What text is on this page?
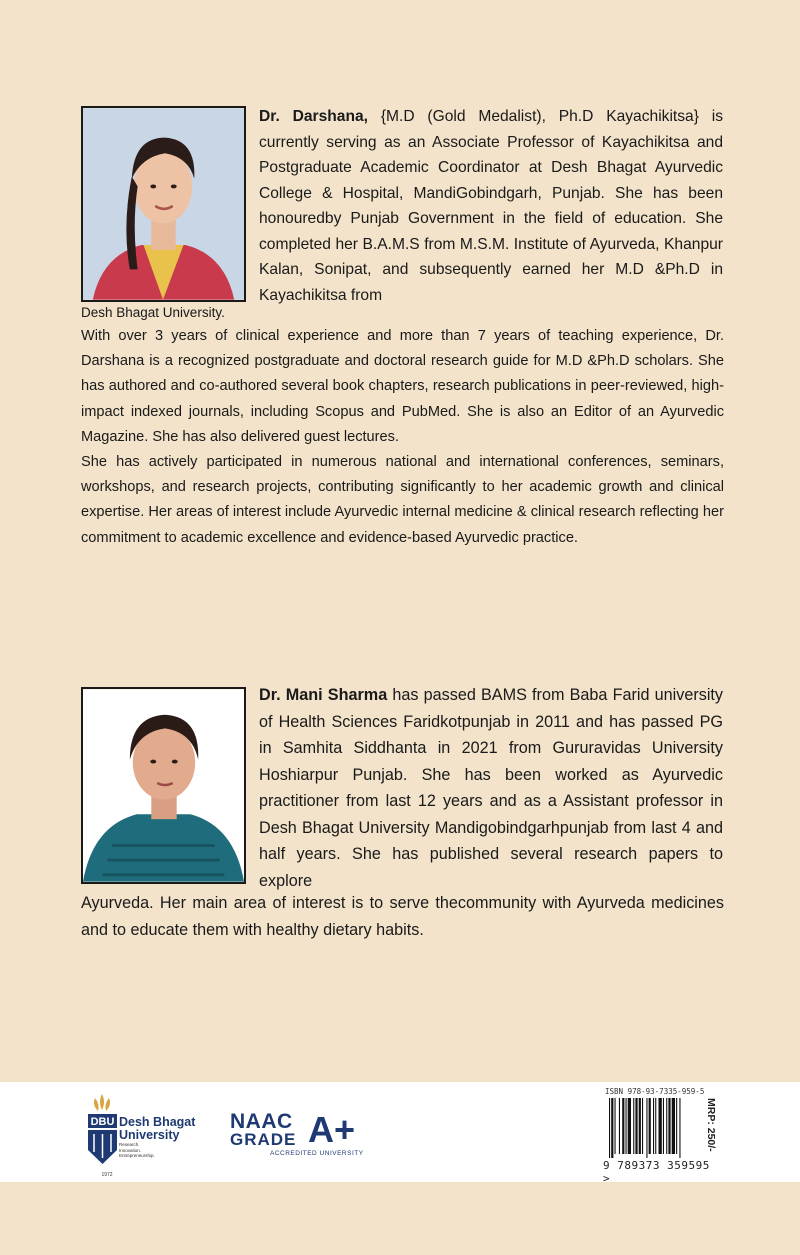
Dr. Darshana, {M.D (Gold Medalist), Ph.D Kayachikitsa} is currently serving as an Associate Professor of Kayachikitsa and Postgraduate Academic Coordinator at Desh Bhagat Ayurvedic College & Hospital, MandiGobindgarh, Punjab. She has been honouredby Punjab Government in the field of education. She completed her B.A.M.S from M.S.M. Institute of Ayurveda, Khanpur Kalan, Sonipat, and subsequently earned her M.D &Ph.D in Kayachikitsa from
Desh Bhagat University.

With over 3 years of clinical experience and more than 7 years of teaching experience, Dr. Darshana is a recognized postgraduate and doctoral research guide for M.D &Ph.D scholars. She has authored and co-authored several book chapters, research publications in peer-reviewed, high-impact indexed journals, including Scopus and PubMed. She is also an Editor of an Ayurvedic Magazine. She has also delivered guest lectures.

She has actively participated in numerous national and international conferences, seminars, workshops, and research projects, contributing significantly to her academic growth and clinical expertise. Her areas of interest include Ayurvedic internal medicine & clinical research reflecting her commitment to academic excellence and evidence-based Ayurvedic practice.

Dr. Mani Sharma has passed BAMS from Baba Farid university of Health Sciences Faridkotpunjab in 2011 and has passed PG in Samhita Siddhanta in 2021 from Gururavidas University Hoshiarpur Punjab. She has been worked as Ayurvedic practitioner from last 12 years and as a Assistant professor in Desh Bhagat University Mandigobindgarhpunjab from last 4 and half years. She has published several research papers to explore
Ayurveda. Her main area of interest is to serve thecommunity with Ayurveda medicines and to educate them with healthy dietary habits.
DBU
1972
Desh Bhagat
University
Research.
Innovation.
Entrepreneurship.
NAAC
GRADE A+
ACCREDITED UNIVERSITY
ISBN 978-93-7335-959-5
9 789373 359595 >
MRP: 250/-
